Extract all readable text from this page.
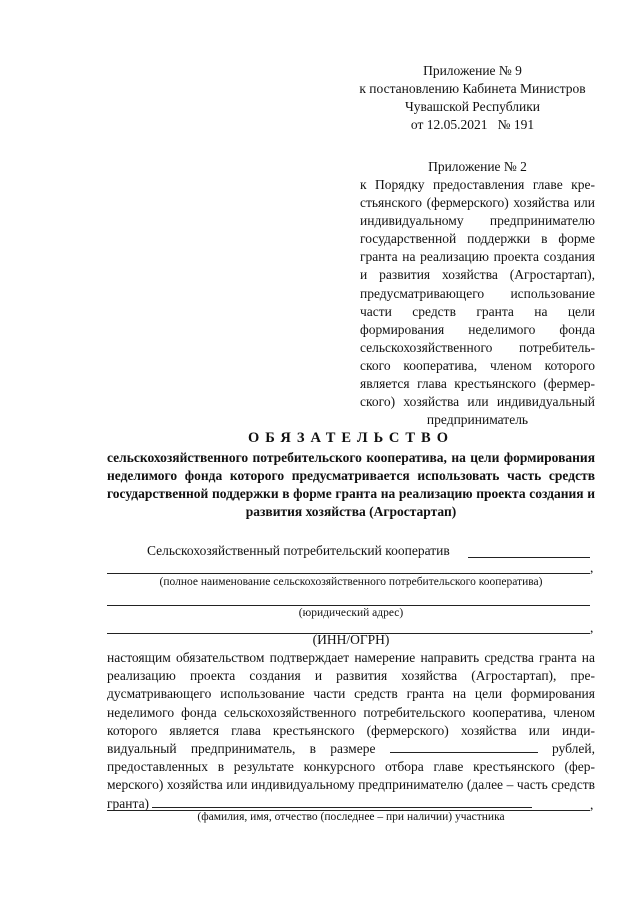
Приложение № 9
к постановлению Кабинета Министров
Чувашской Республики
от 12.05.2021   № 191
Приложение № 2
к Порядку предоставления главе крестьянского (фермерского) хозяйства или индивидуальному предпринимателю государственной поддержки в форме гранта на реализацию проекта создания и развития хозяйства (Агростартап), предусматривающего использование части средств гранта на цели формирования неделимого фонда сельскохозяйственного потребительского кооператива, членом которого является глава крестьянского (фермерского) хозяйства или индивидуальный предприниматель
ОБЯЗАТЕЛЬСТВО
сельскохозяйственного потребительского кооператива, на цели формирования неделимого фонда которого предусматривается использовать часть средств государственной поддержки в форме гранта на реализацию проекта создания и развития хозяйства (Агростартап)
Сельскохозяйственный потребительский кооператив
,
(полное наименование сельскохозяйственного потребительского кооператива)
(юридический адрес)
,
(ИНН/ОГРН)
настоящим обязательством подтверждает намерение направить средства гранта на реализацию проекта создания и развития хозяйства (Агростартап), предусматривающего использование части средств гранта на цели формирования неделимого фонда сельскохозяйственного потребительского кооператива, членом которого является глава крестьянского (фермерского) хозяйства или индивидуальный предприниматель, в размере	рублей, предоставленных в результате конкурсного отбора главе крестьянского (фермерского) хозяйства или индивидуальному предпринимателю (далее – часть средств гранта)	,
(фамилия, имя, отчество (последнее – при наличии) участника
